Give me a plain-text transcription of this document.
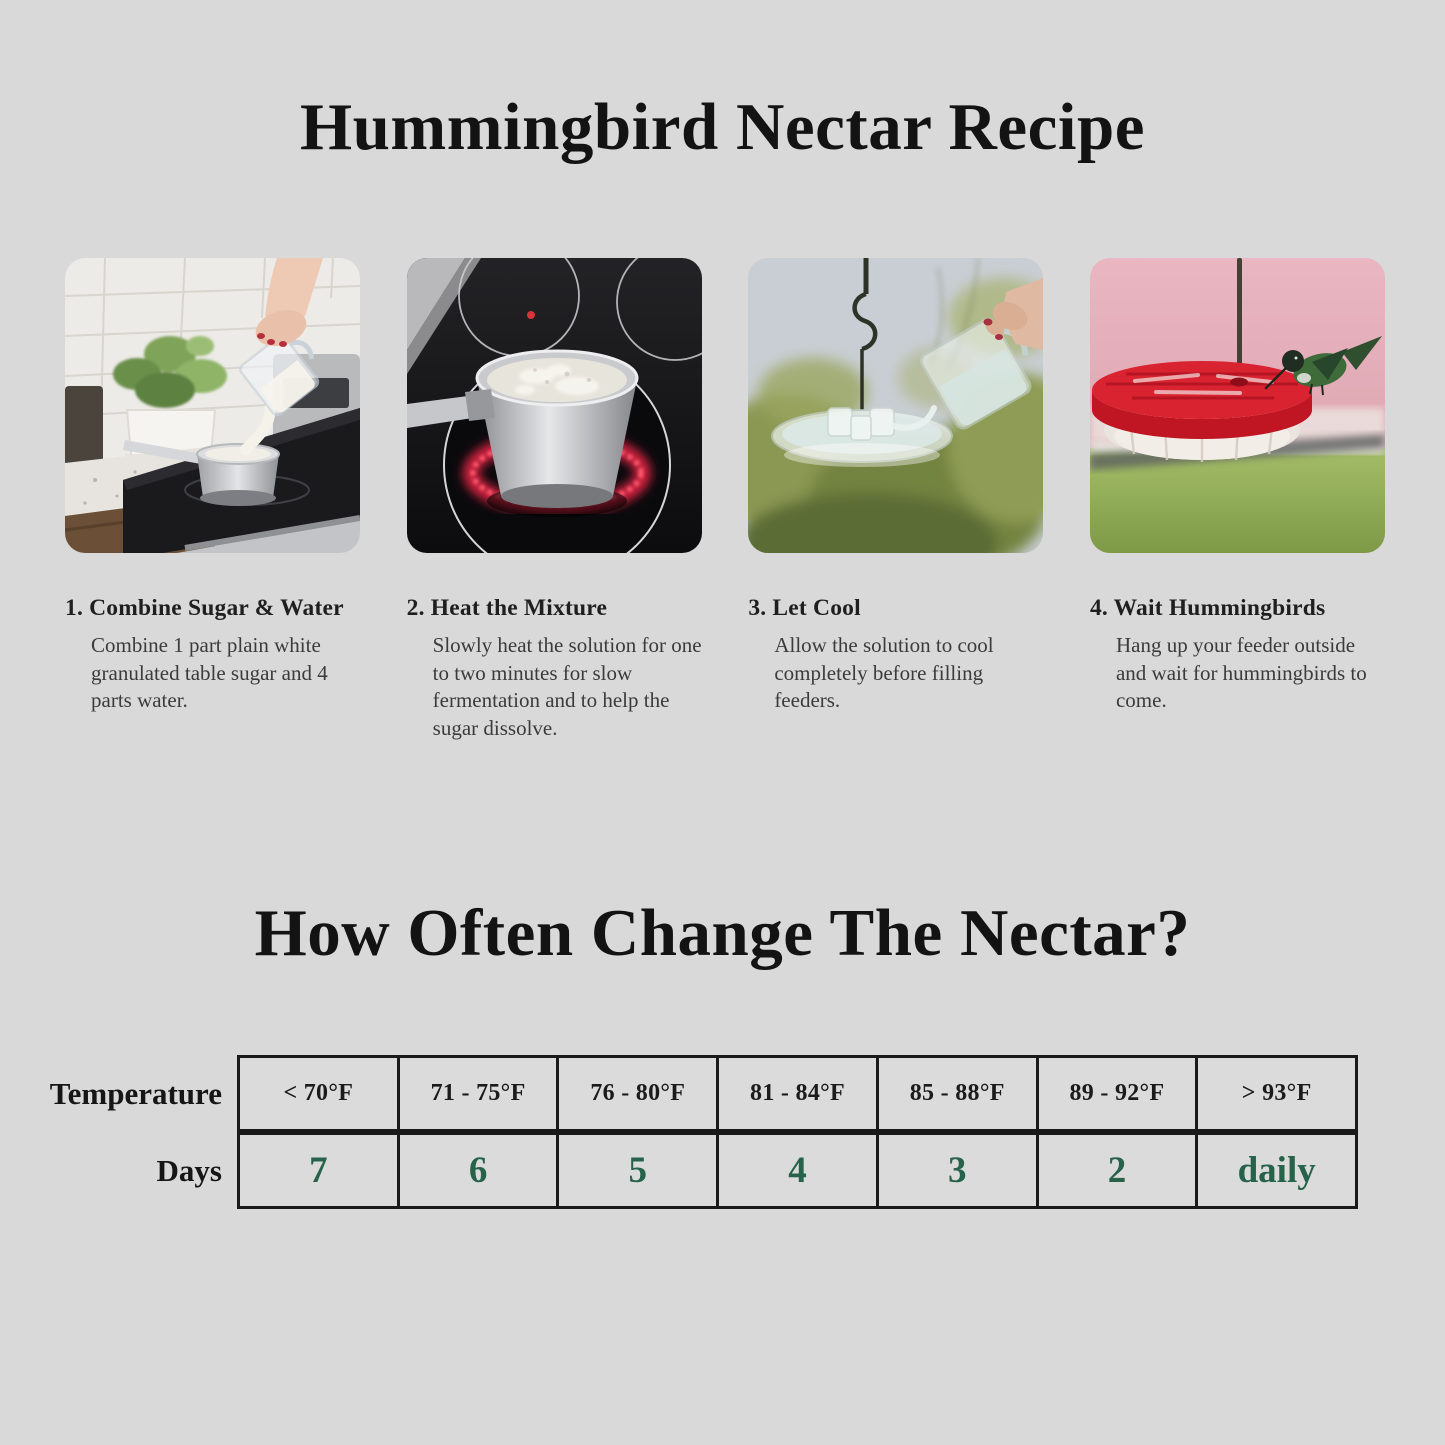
Hummingbird Nectar Recipe
1. Combine Sugar & Water

Combine 1 part plain white granulated table sugar and 4 parts water.

2. Heat the Mixture

Slowly heat the solution for one to two minutes for slow fermentation and to help the sugar dissolve.

3. Let Cool

Allow the solution to cool completely before filling feeders.

4. Wait Hummingbirds

Hang up your feeder outside and wait for hummingbirds to come.

How Often Change The Nectar?
Temperature	< 70°F	71 - 75°F	76 - 80°F	81 - 84°F	85 - 88°F	89 - 92°F	> 93°F
Days	7	6	5	4	3	2	daily
